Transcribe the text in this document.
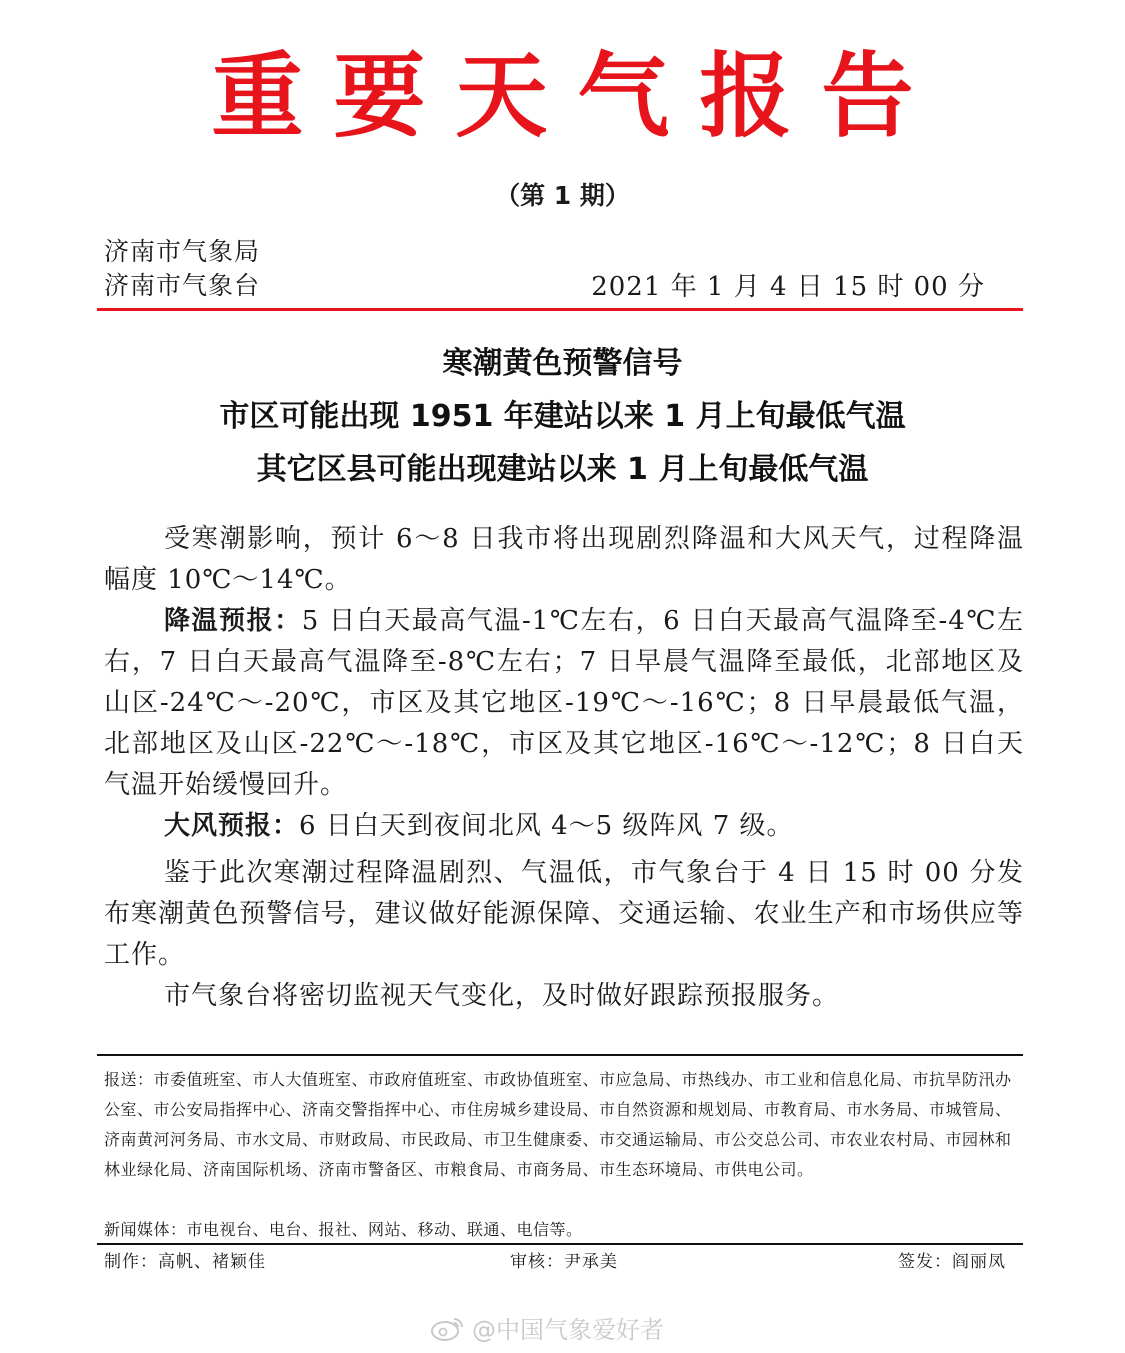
重要天气报告
（第 1 期）
济南市气象局
济南市气象台	2021 年 1 月 4 日 15 时 00 分
寒潮黄色预警信号
市区可能出现 1951 年建站以来 1 月上旬最低气温
其它区县可能出现建站以来 1 月上旬最低气温
受寒潮影响，预计 6～8 日我市将出现剧烈降温和大风天气，过程降温幅度 10℃～14℃。
降温预报：5 日白天最高气温-1℃左右，6 日白天最高气温降至-4℃左右，7 日白天最高气温降至-8℃左右；7 日早晨气温降至最低，北部地区及山区-24℃～-20℃，市区及其它地区-19℃～-16℃；8 日早晨最低气温，北部地区及山区-22℃～-18℃，市区及其它地区-16℃～-12℃；8 日白天气温开始缓慢回升。
大风预报：6 日白天到夜间北风 4～5 级阵风 7 级。
鉴于此次寒潮过程降温剧烈、气温低，市气象台于 4 日 15 时 00 分发布寒潮黄色预警信号，建议做好能源保障、交通运输、农业生产和市场供应等工作。
市气象台将密切监视天气变化，及时做好跟踪预报服务。
报送：市委值班室、市人大值班室、市政府值班室、市政协值班室、市应急局、市热线办、市工业和信息化局、市抗旱防汛办公室、市公安局指挥中心、济南交警指挥中心、市住房城乡建设局、市自然资源和规划局、市教育局、市水务局、市城管局、济南黄河河务局、市水文局、市财政局、市民政局、市卫生健康委、市交通运输局、市公交总公司、市农业农村局、市园林和林业绿化局、济南国际机场、济南市警备区、市粮食局、市商务局、市生态环境局、市供电公司。
新闻媒体：市电视台、电台、报社、网站、移动、联通、电信等。
制作：高帆、褚颖佳	审核：尹承美	签发：阎丽凤
@中国气象爱好者
